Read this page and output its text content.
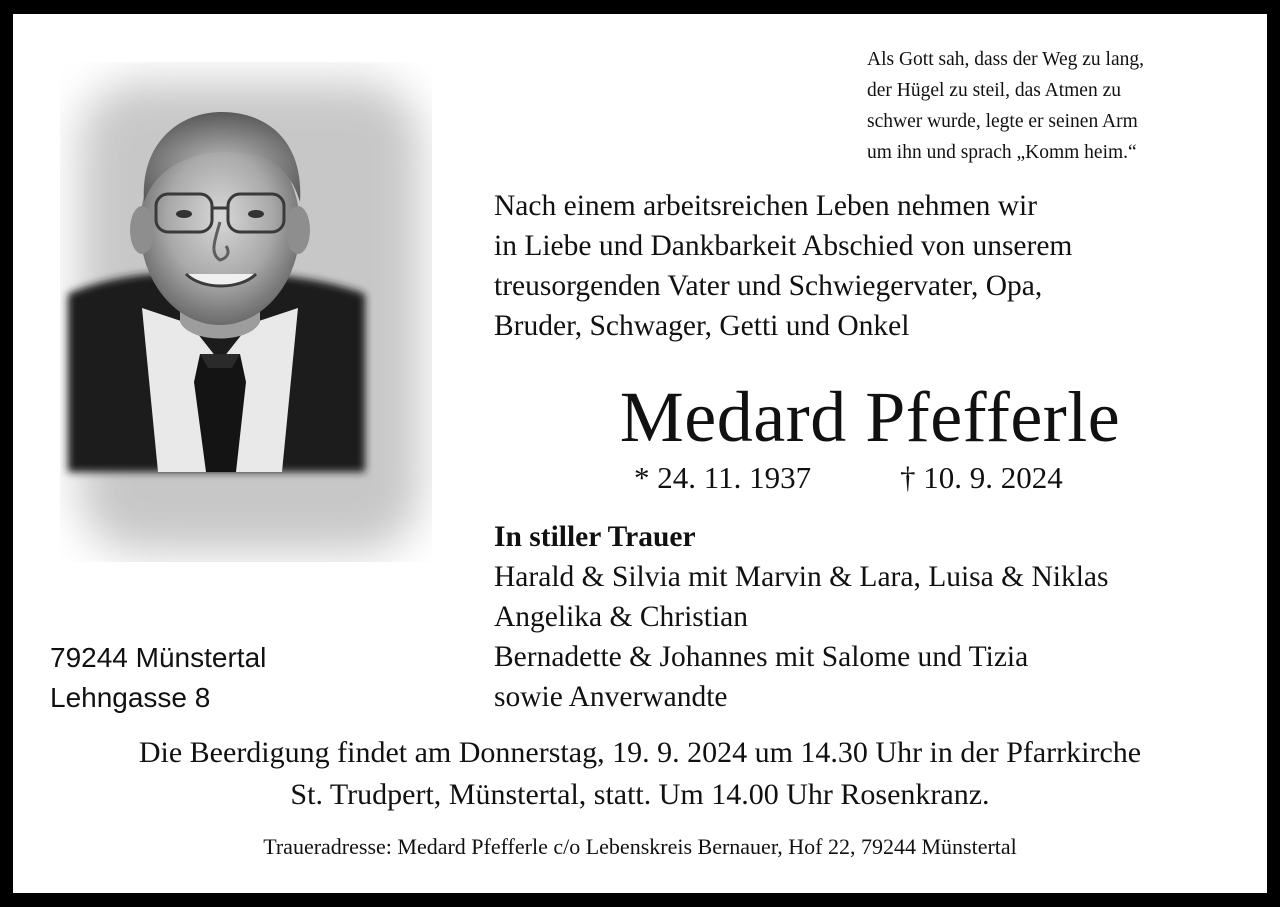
Als Gott sah, dass der Weg zu lang,
der Hügel zu steil, das Atmen zu
schwer wurde, legte er seinen Arm
um ihn und sprach „Komm heim.“
Nach einem arbeitsreichen Leben nehmen wir
in Liebe und Dankbarkeit Abschied von unserem
treusorgenden Vater und Schwiegervater, Opa,
Bruder, Schwager, Getti und Onkel
Medard Pfefferle
* 24. 11. 1937	† 10. 9. 2024
In stiller Trauer
Harald & Silvia mit Marvin & Lara, Luisa & Niklas
Angelika & Christian
Bernadette & Johannes mit Salome und Tizia
sowie Anverwandte
79244 Münstertal
Lehngasse 8
Die Beerdigung findet am Donnerstag, 19. 9. 2024 um 14.30 Uhr in der Pfarrkirche
St. Trudpert, Münstertal, statt. Um 14.00 Uhr Rosenkranz.
Traueradresse: Medard Pfefferle c/o Lebenskreis Bernauer, Hof 22, 79244 Münstertal
